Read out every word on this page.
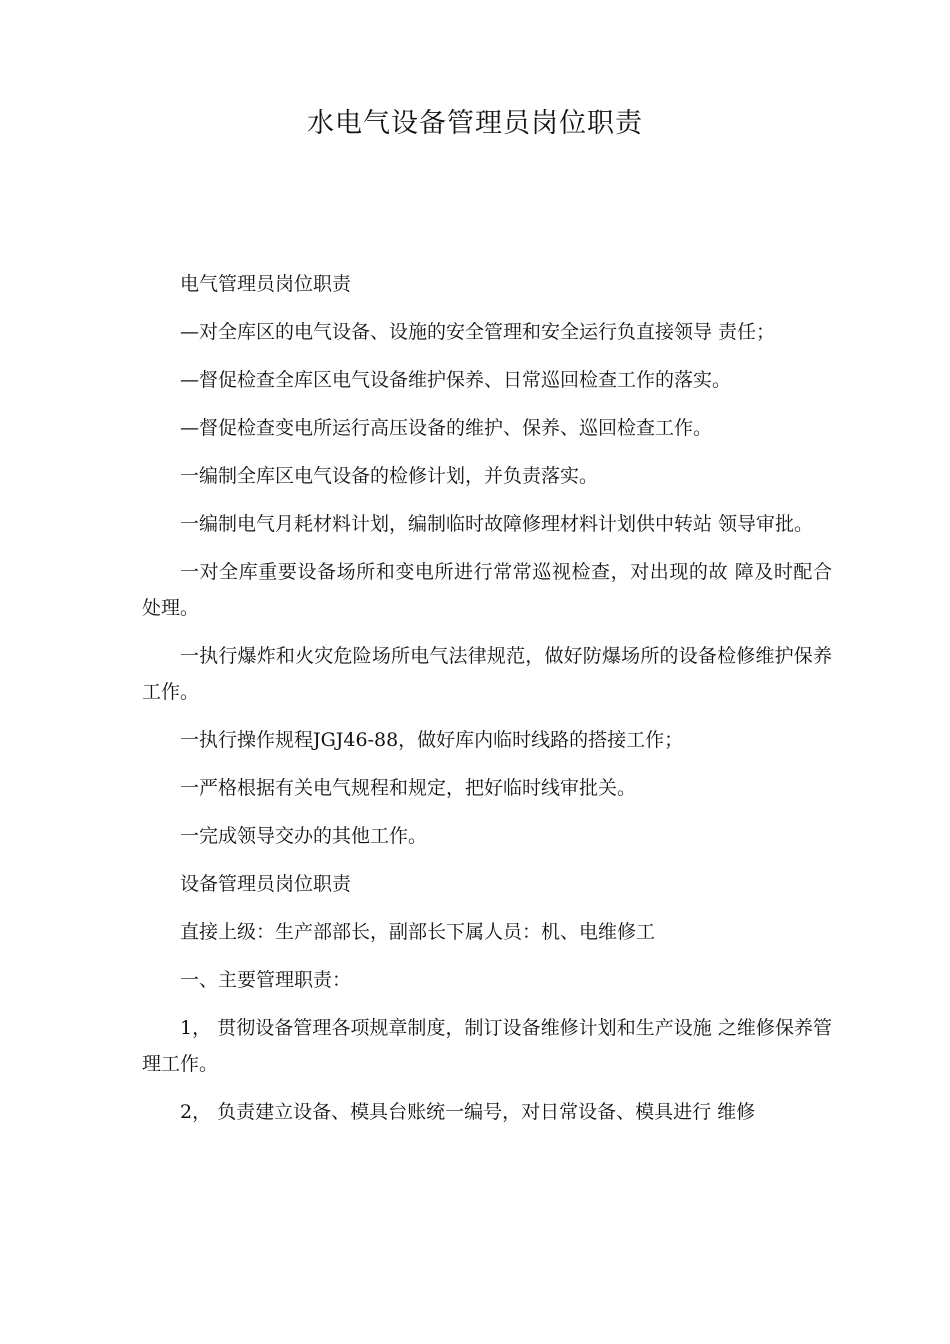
水电气设备管理员岗位职责

电气管理员岗位职责

—对全库区的电气设备、设施的安全管理和安全运行负直接领导 责任；

—督促检查全库区电气设备维护保养、日常巡回检查工作的落实。

—督促检查变电所运行高压设备的维护、保养、巡回检查工作。

一编制全库区电气设备的检修计划，并负责落实。

一编制电气月耗材料计划，编制临时故障修理材料计划供中转站 领导审批。

一对全库重要设备场所和变电所进行常常巡视检查，对出现的故 障及时配合处理。

一执行爆炸和火灾危险场所电气法律规范，做好防爆场所的设备检修维护保养工作。

一执行操作规程JGJ46-88，做好库内临时线路的搭接工作；

一严格根据有关电气规程和规定，把好临时线审批关。

一完成领导交办的其他工作。

设备管理员岗位职责

直接上级：生产部部长，副部长下属人员：机、电维修工

一、主要管理职责：

1， 贯彻设备管理各项规章制度，制订设备维修计划和生产设施 之维修保养管理工作。

2， 负责建立设备、模具台账统一编号，对日常设备、模具进行 维修
